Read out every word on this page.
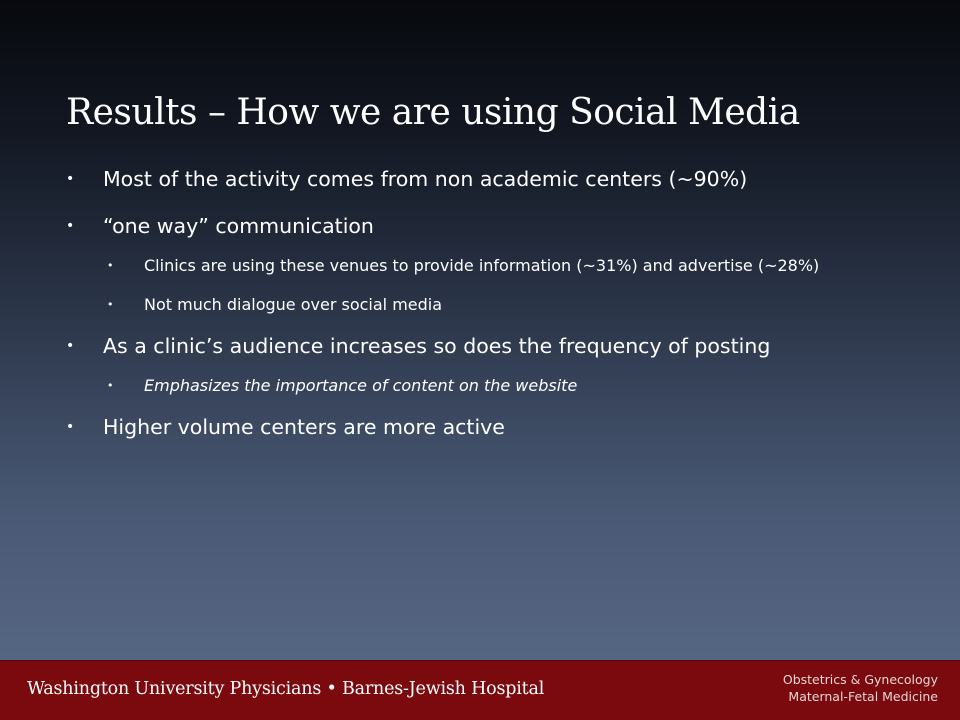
Results – How we are using Social Media
• Most of the activity comes from non academic centers (~90%)
• “one way” communication
• Clinics are using these venues to provide information (~31%) and advertise (~28%)
• Not much dialogue over social media
• As a clinic’s audience increases so does the frequency of posting
• Emphasizes the importance of content on the website
• Higher volume centers are more active
Washington University Physicians • Barnes-Jewish Hospital	Obstetrics & Gynecology
Maternal-Fetal Medicine
